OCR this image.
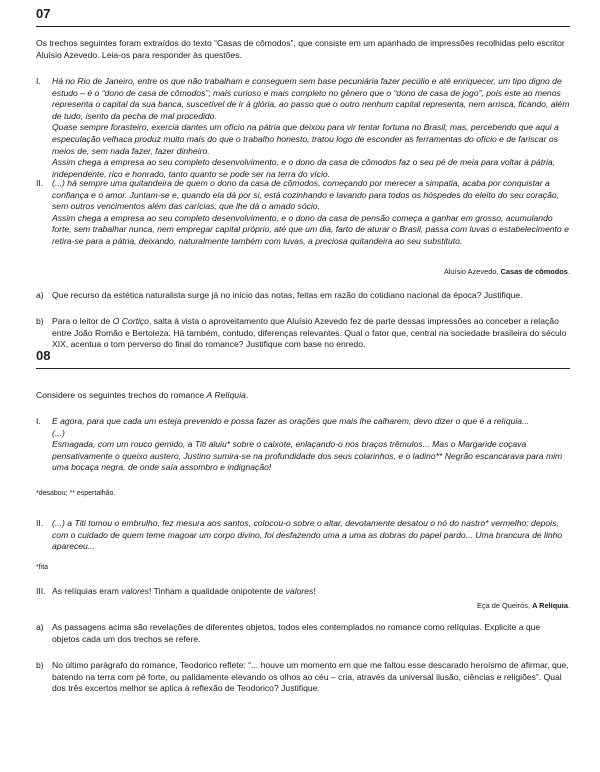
07
Os trechos seguintes foram extraídos do texto “Casas de cômodos”, que consiste em um apanhado de impressões recolhidas pelo escritor Aluísio Azevedo. Leia-os para responder às questões.
I.	Há no Rio de Janeiro, entre os que não trabalham e conseguem sem base pecuniária fazer pecúlio e até enriquecer, um tipo digno de estudo – é o “dono de casa de cômodos”; mais curioso e mais completo no gênero que o “dono de casa de jogo”, pois este ao menos representa o capital da sua banca, suscetível de ir à glória, ao passo que o outro nenhum capital representa, nem arrisca, ficando, além de tudo, isento da pecha de mal procedido.

Quase sempre forasteiro, exercia dantes um ofício na pátria que deixou para vir tentar fortuna no Brasil; mas, percebendo que aqui a especulação velhaca produz muito mais do que o trabalho honesto, tratou logo de esconder as ferramentas do ofício e de fariscar os meios de, sem nada fazer, fazer dinheiro.

Assim chega a empresa ao seu completo desenvolvimento, e o dono da casa de cômodos faz o seu pé de meia para voltar à pátria, independente, rico e honrado, tanto quanto se pode ser na terra do vício.

II.	(...) há sempre uma quitandeira de quem o dono da casa de cômodos, começando por merecer a simpatia, acaba por conquistar a confiança e o amor. Juntam-se e, quando ela dá por si, está cozinhando e lavando para todos os hóspedes do eleito do seu coração, sem outros vencimentos além das carícias, que lhe dá o amado sócio.

Assim chega a empresa ao seu completo desenvolvimento, e o dono da casa de pensão começa a ganhar em grosso, acumulando forte, sem trabalhar nunca, nem empregar capital próprio, até que um dia, farto de aturar o Brasil, passa com luvas o estabelecimento e retira-se para a pátria, deixando, naturalmente também com luvas, a preciosa quitandeira ao seu substituto.

Aluísio Azevedo, Casas de cômodos.
a) Que recurso da estética naturalista surge já no início das notas, feitas em razão do cotidiano nacional da época? Justifique.
b) Para o leitor de O Cortiço, salta à vista o aproveitamento que Aluísio Azevedo fez de parte dessas impressões ao conceber a relação entre João Romão e Bertoleza. Há também, contudo, diferenças relevantes. Qual o fator que, central na sociedade brasileira do século XIX, acentua o tom perverso do final do romance? Justifique com base no enredo.
08
Considere os seguintes trechos do romance A Relíquia.
I.	E agora, para que cada um esteja prevenido e possa fazer as orações que mais lhe calharem, devo dizer o que é a relíquia...

(...)

Esmagada, com um rouco gemido, a Titi aluiu* sobre o caixote, enlaçando-o nos braços trêmulos... Mas o Margaride coçava pensativamente o queixo austero, Justino sumira-se na profundidade dos seus colarinhos, e o ladino** Negrão escancarava para mim uma bocaça negra, de onde saía assombro e indignação!

*desabou; ** espertalhão.
II.	(...) a Titi tomou o embrulho, fez mesura aos santos, colocou-o sobre o altar, devotamente desatou o nó do nastro* vermelho; depois, com o cuidado de quem teme magoar um corpo divino, foi desfazendo uma a uma as dobras do papel pardo... Uma brancura de linho apareceu...

*fita
III. As relíquias eram valores! Tinham a qualidade onipotente de valores!
Eça de Queirós, A Relíquia.
a) As passagens acima são revelações de diferentes objetos, todos eles contemplados no romance como relíquias. Explicite a que objetos cada um dos trechos se refere.
b) No último parágrafo do romance, Teodorico reflete: “... houve um momento em que me faltou esse descarado heroísmo de afirmar, que, batendo na terra com pé forte, ou palidamente elevando os olhos ao céu – cria, através da universal ilusão, ciências e religiões”. Qual dos três excertos melhor se aplica à reflexão de Teodorico? Justifique.
